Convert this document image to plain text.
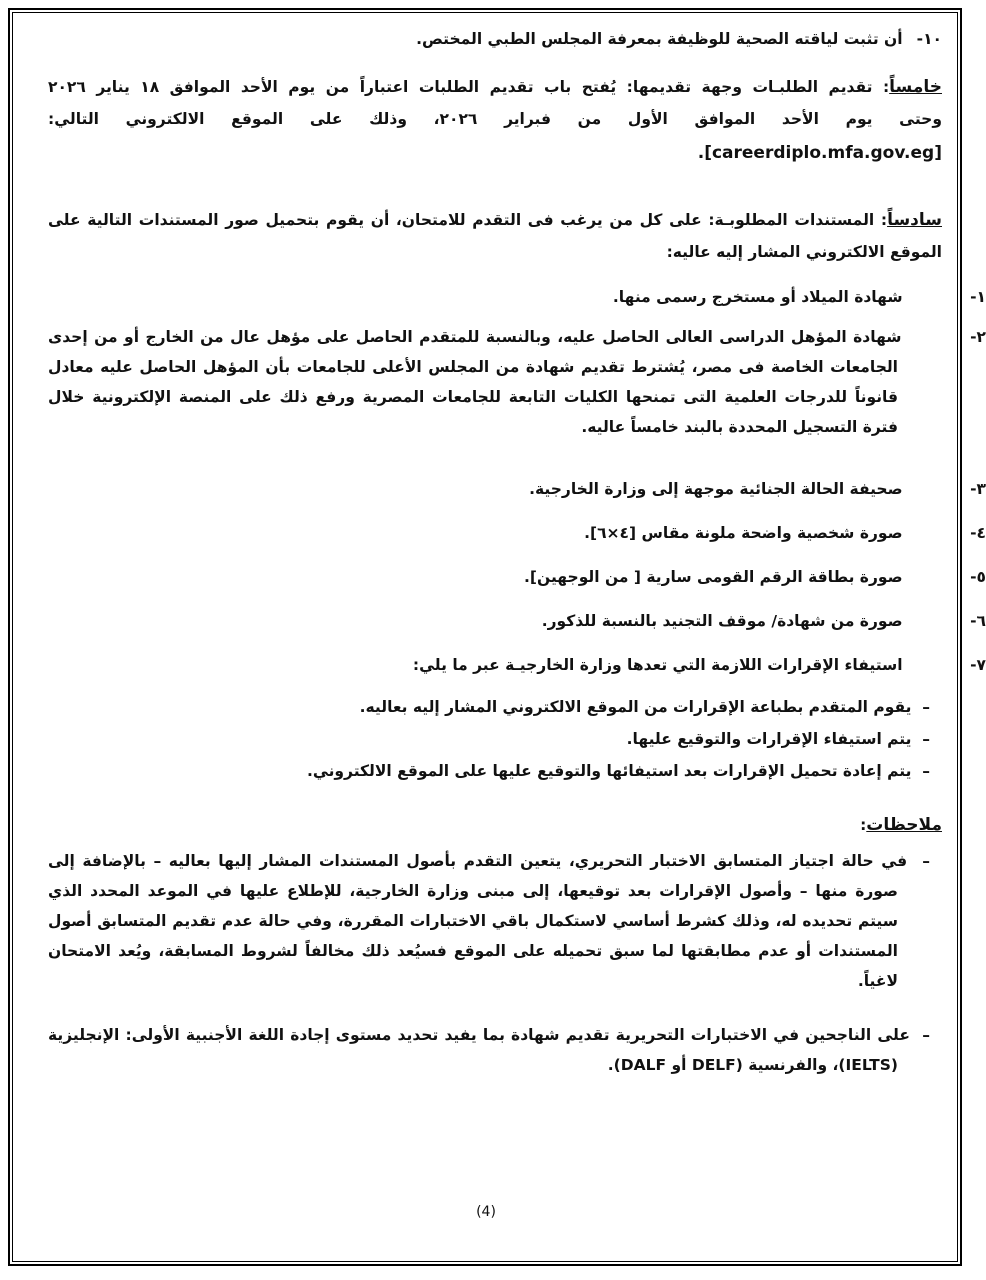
١٠- أن تثبت لياقته الصحية للوظيفة بمعرفة المجلس الطبي المختص.
خامساً: تقديم الطلبـات وجهة تقديمها: يُفتح باب تقديم الطلبات اعتباراً من يوم الأحد الموافق ١٨ يناير ٢٠٢٦
وحتى يوم الأحد الموافق الأول من فبراير ٢٠٢٦، وذلك على الموقع الالكتروني التالي:
[careerdiplo.mfa.gov.eg].
سادساً: المستندات المطلوبـة: على كل من يرغب فى التقدم للامتحان، أن يقوم بتحميل صور المستندات التالية على الموقع الالكتروني المشار إليه عاليه:
١- شهادة الميلاد أو مستخرج رسمى منها.
٢- شهادة المؤهل الدراسى العالى الحاصل عليه، وبالنسبة للمتقدم الحاصل على مؤهل عال من الخارج أو من إحدى الجامعات الخاصة فى مصر، يُشترط تقديم شهادة من المجلس الأعلى للجامعات بأن المؤهل الحاصل عليه معادل قانوناً للدرجات العلمية التى تمنحها الكليات التابعة للجامعات المصرية ورفع ذلك على المنصة الإلكترونية خلال فترة التسجيل المحددة بالبند خامساً عاليه.
٣- صحيفة الحالة الجنائية موجهة إلى وزارة الخارجية.
٤- صورة شخصية واضحة ملونة مقاس [٤×٦].
٥- صورة بطاقة الرقم القومى سارية [ من الوجهين].
٦- صورة من شهادة/ موقف التجنيد بالنسبة للذكور.
٧- استيفاء الإقرارات اللازمة التي تعدها وزارة الخارجيـة عبر ما يلي:
–  يقوم المتقدم بطباعة الإقرارات من الموقع الالكتروني المشار إليه بعاليه.
–  يتم استيفاء الإقرارات والتوقيع عليها.
–  يتم إعادة تحميل الإقرارات بعد استيفائها والتوقيع عليها على الموقع الالكتروني.
ملاحظات:
–  في حالة اجتياز المتسابق الاختبار التحريري، يتعين التقدم بأصول المستندات المشار إليها بعاليه – بالإضافة إلى صورة منها – وأصول الإقرارات بعد توقيعها، إلى مبنى وزارة الخارجية، للإطلاع عليها في الموعد المحدد الذي سيتم تحديده له، وذلك كشرط أساسي لاستكمال باقي الاختبارات المقررة، وفي حالة عدم تقديم المتسابق أصول المستندات أو عدم مطابقتها لما سبق تحميله على الموقع فسيُعد ذلك مخالفاً لشروط المسابقة، ويُعد الامتحان لاغياً.
–  على الناجحين في الاختبارات التحريرية تقديم شهادة بما يفيد تحديد مستوى إجادة اللغة الأجنبية الأولى: الإنجليزية (IELTS)، والفرنسية (DELF أو DALF).
(4)
